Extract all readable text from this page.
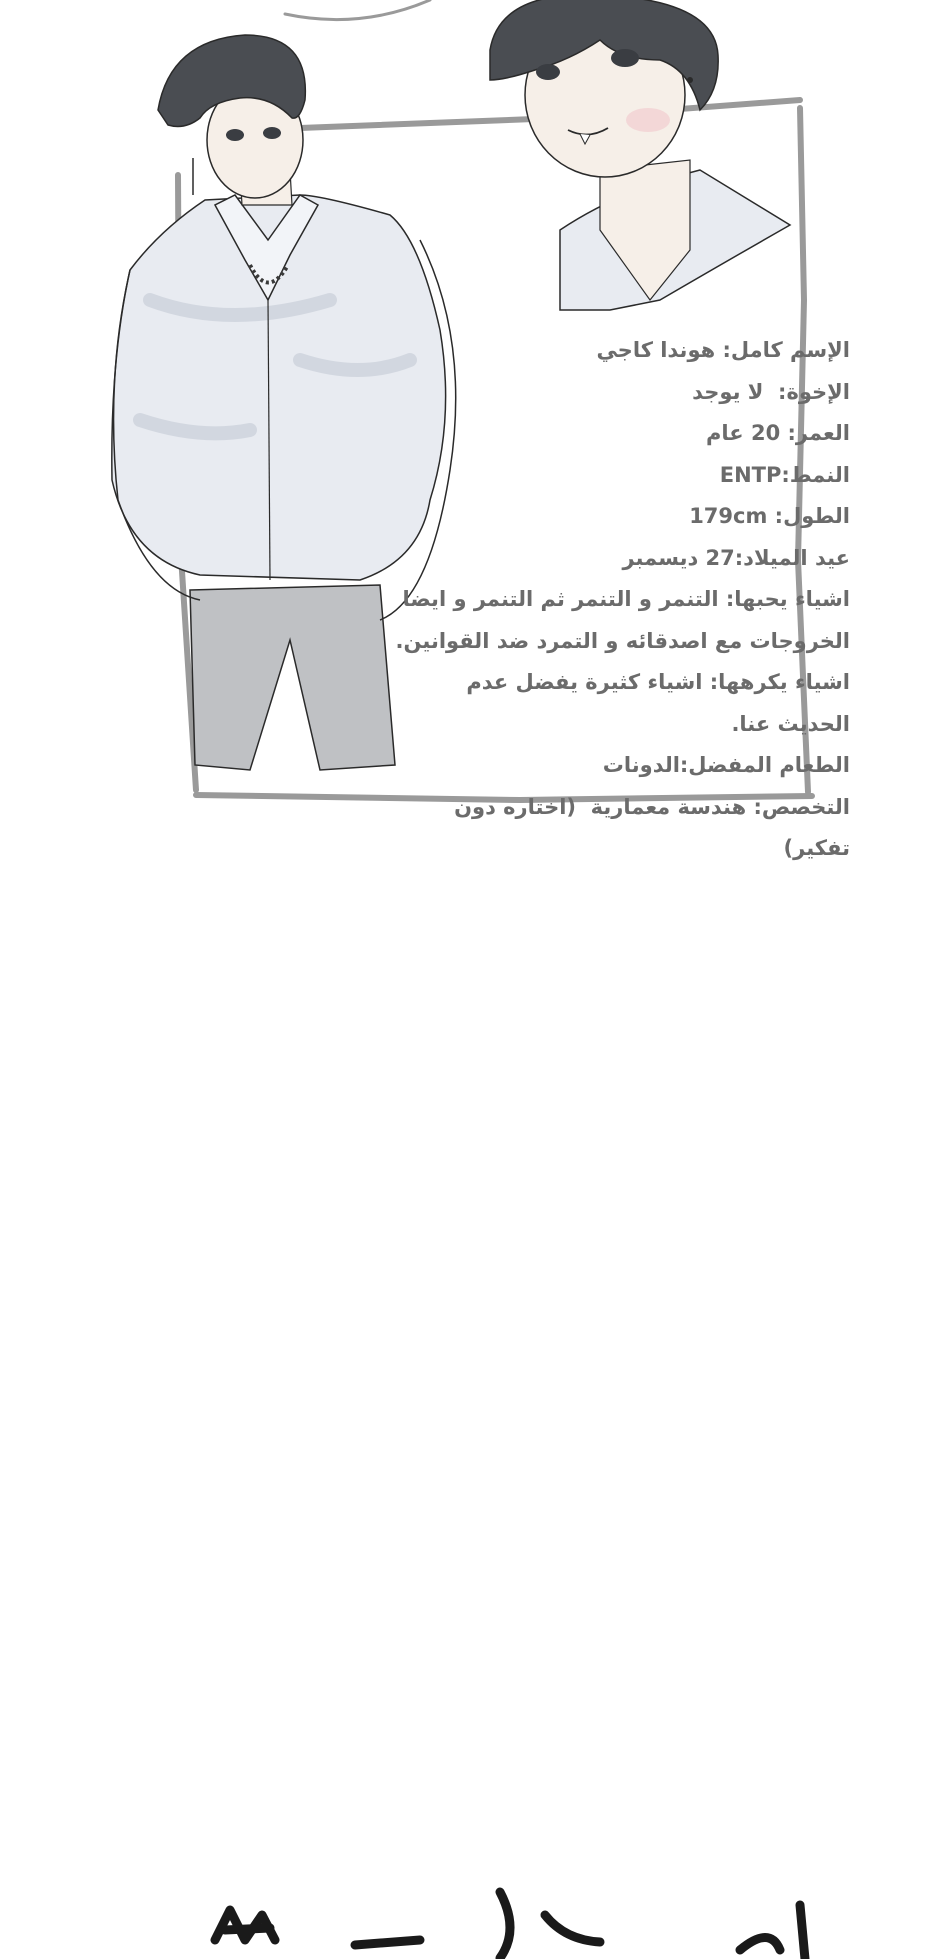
الإسم كامل: هوندا كاجي
الإخوة:  لا يوجد
العمر: 20 عام
النمط:ENTP
الطول: 179cm
عيد الميلاد:27 ديسمبر
اشياء يحبها: التنمر و التنمر ثم التنمر و ايضا
الخروجات مع اصدقائه و التمرد ضد القوانين.
اشياء يكرهها: اشياء كثيرة يفضل عدم
الحديث عنا.
الطعام المفضل:الدونات
التخصص: هندسة معمارية  (اختاره دون
تفكير)
